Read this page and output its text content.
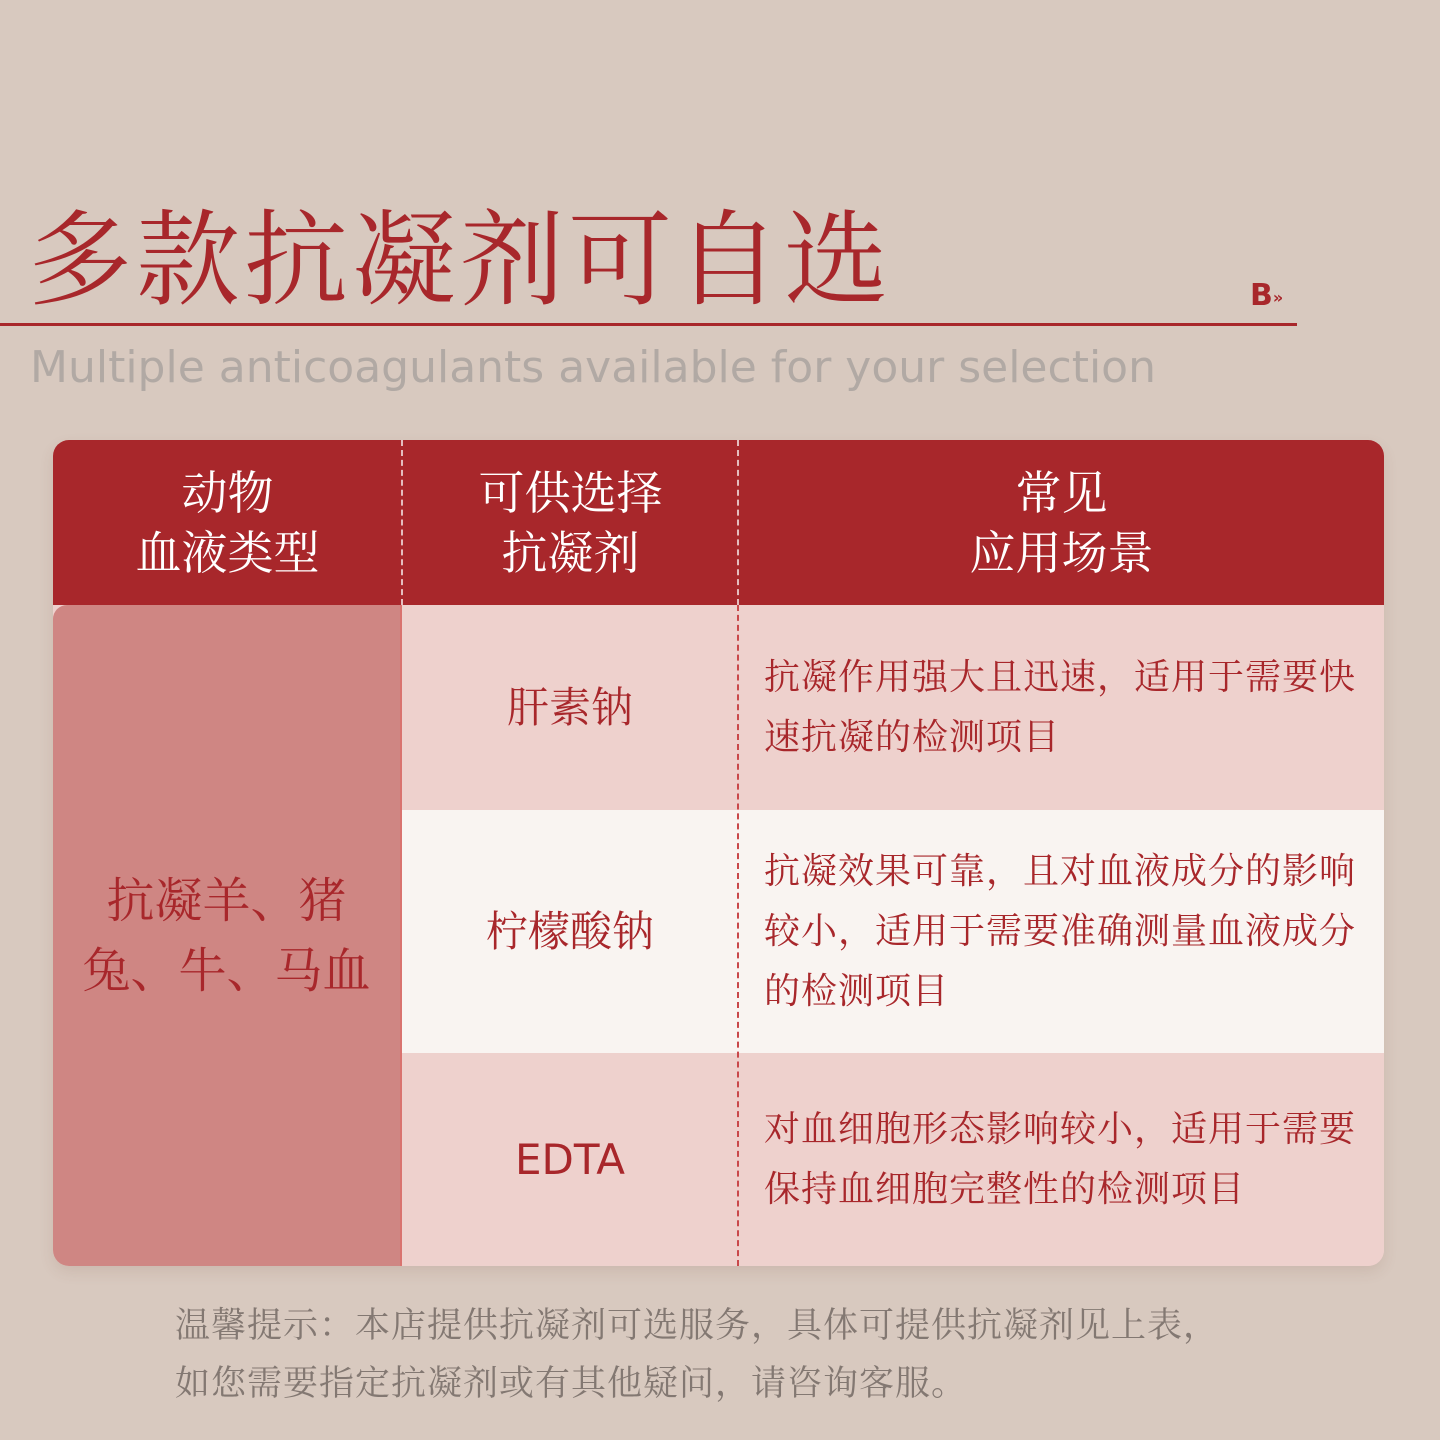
多款抗凝剂可自选	B»
Multiple anticoagulants available for your selection
动物
血液类型
可供选择
抗凝剂
常见
应用场景
抗凝羊、猪
兔、牛、马血
肝素钠
抗凝作用强大且迅速，适用于需要快速抗凝的检测项目
柠檬酸钠
抗凝效果可靠，且对血液成分的影响较小，适用于需要准确测量血液成分的检测项目
EDTA
对血细胞形态影响较小，适用于需要保持血细胞完整性的检测项目
温馨提示：本店提供抗凝剂可选服务，具体可提供抗凝剂见上表，
如您需要指定抗凝剂或有其他疑问，请咨询客服。
